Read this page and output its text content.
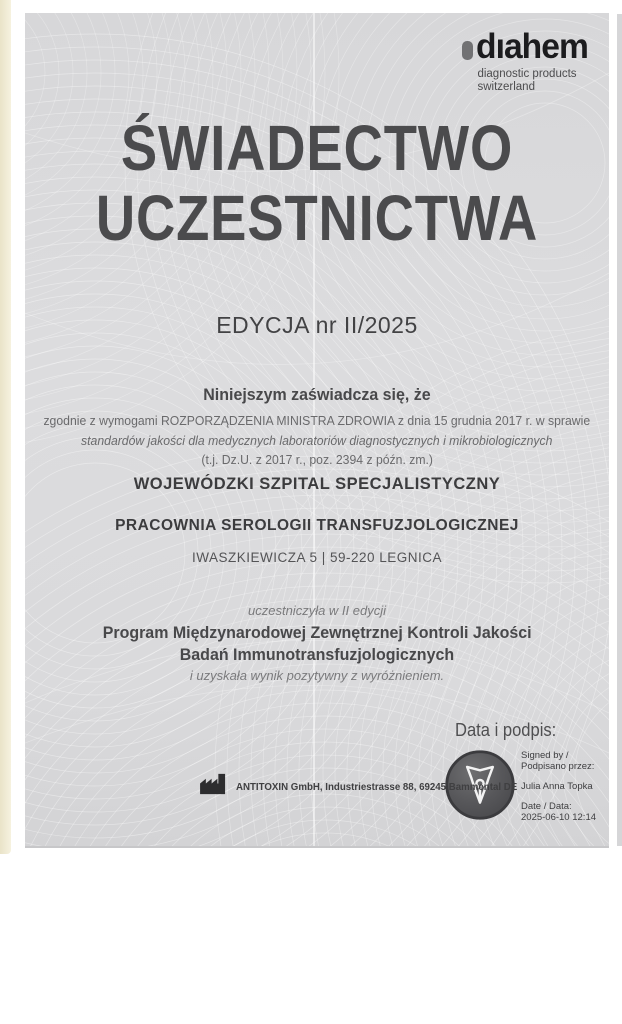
dıahem
diagnostic products
switzerland
ŚWIADECTWO
UCZESTNICTWA
EDYCJA nr II/2025
Niniejszym zaświadcza się, że
zgodnie z wymogami ROZPORZĄDZENIA MINISTRA ZDROWIA z dnia 15 grudnia 2017 r. w sprawie
standardów jakości dla medycznych laboratoriów diagnostycznych i mikrobiologicznych
(t.j. Dz.U. z 2017 r., poz. 2394 z późn. zm.)
WOJEWÓDZKI SZPITAL SPECJALISTYCZNY
PRACOWNIA SEROLOGII TRANSFUZJOLOGICZNEJ
IWASZKIEWICZA 5 | 59-220 LEGNICA
uczestniczyła w II edycji
Program Międzynarodowej Zewnętrznej Kontroli Jakości
Badań Immunotransfuzjologicznych
i uzyskała wynik pozytywny z wyróżnieniem.
Data i podpis:
Signed by /
Podpisano przez:
Julia Anna Topka
Date / Data:
2025-06-10 12:14
ANTITOXIN GmbH, Industriestrasse 88, 69245 Bammental DE
